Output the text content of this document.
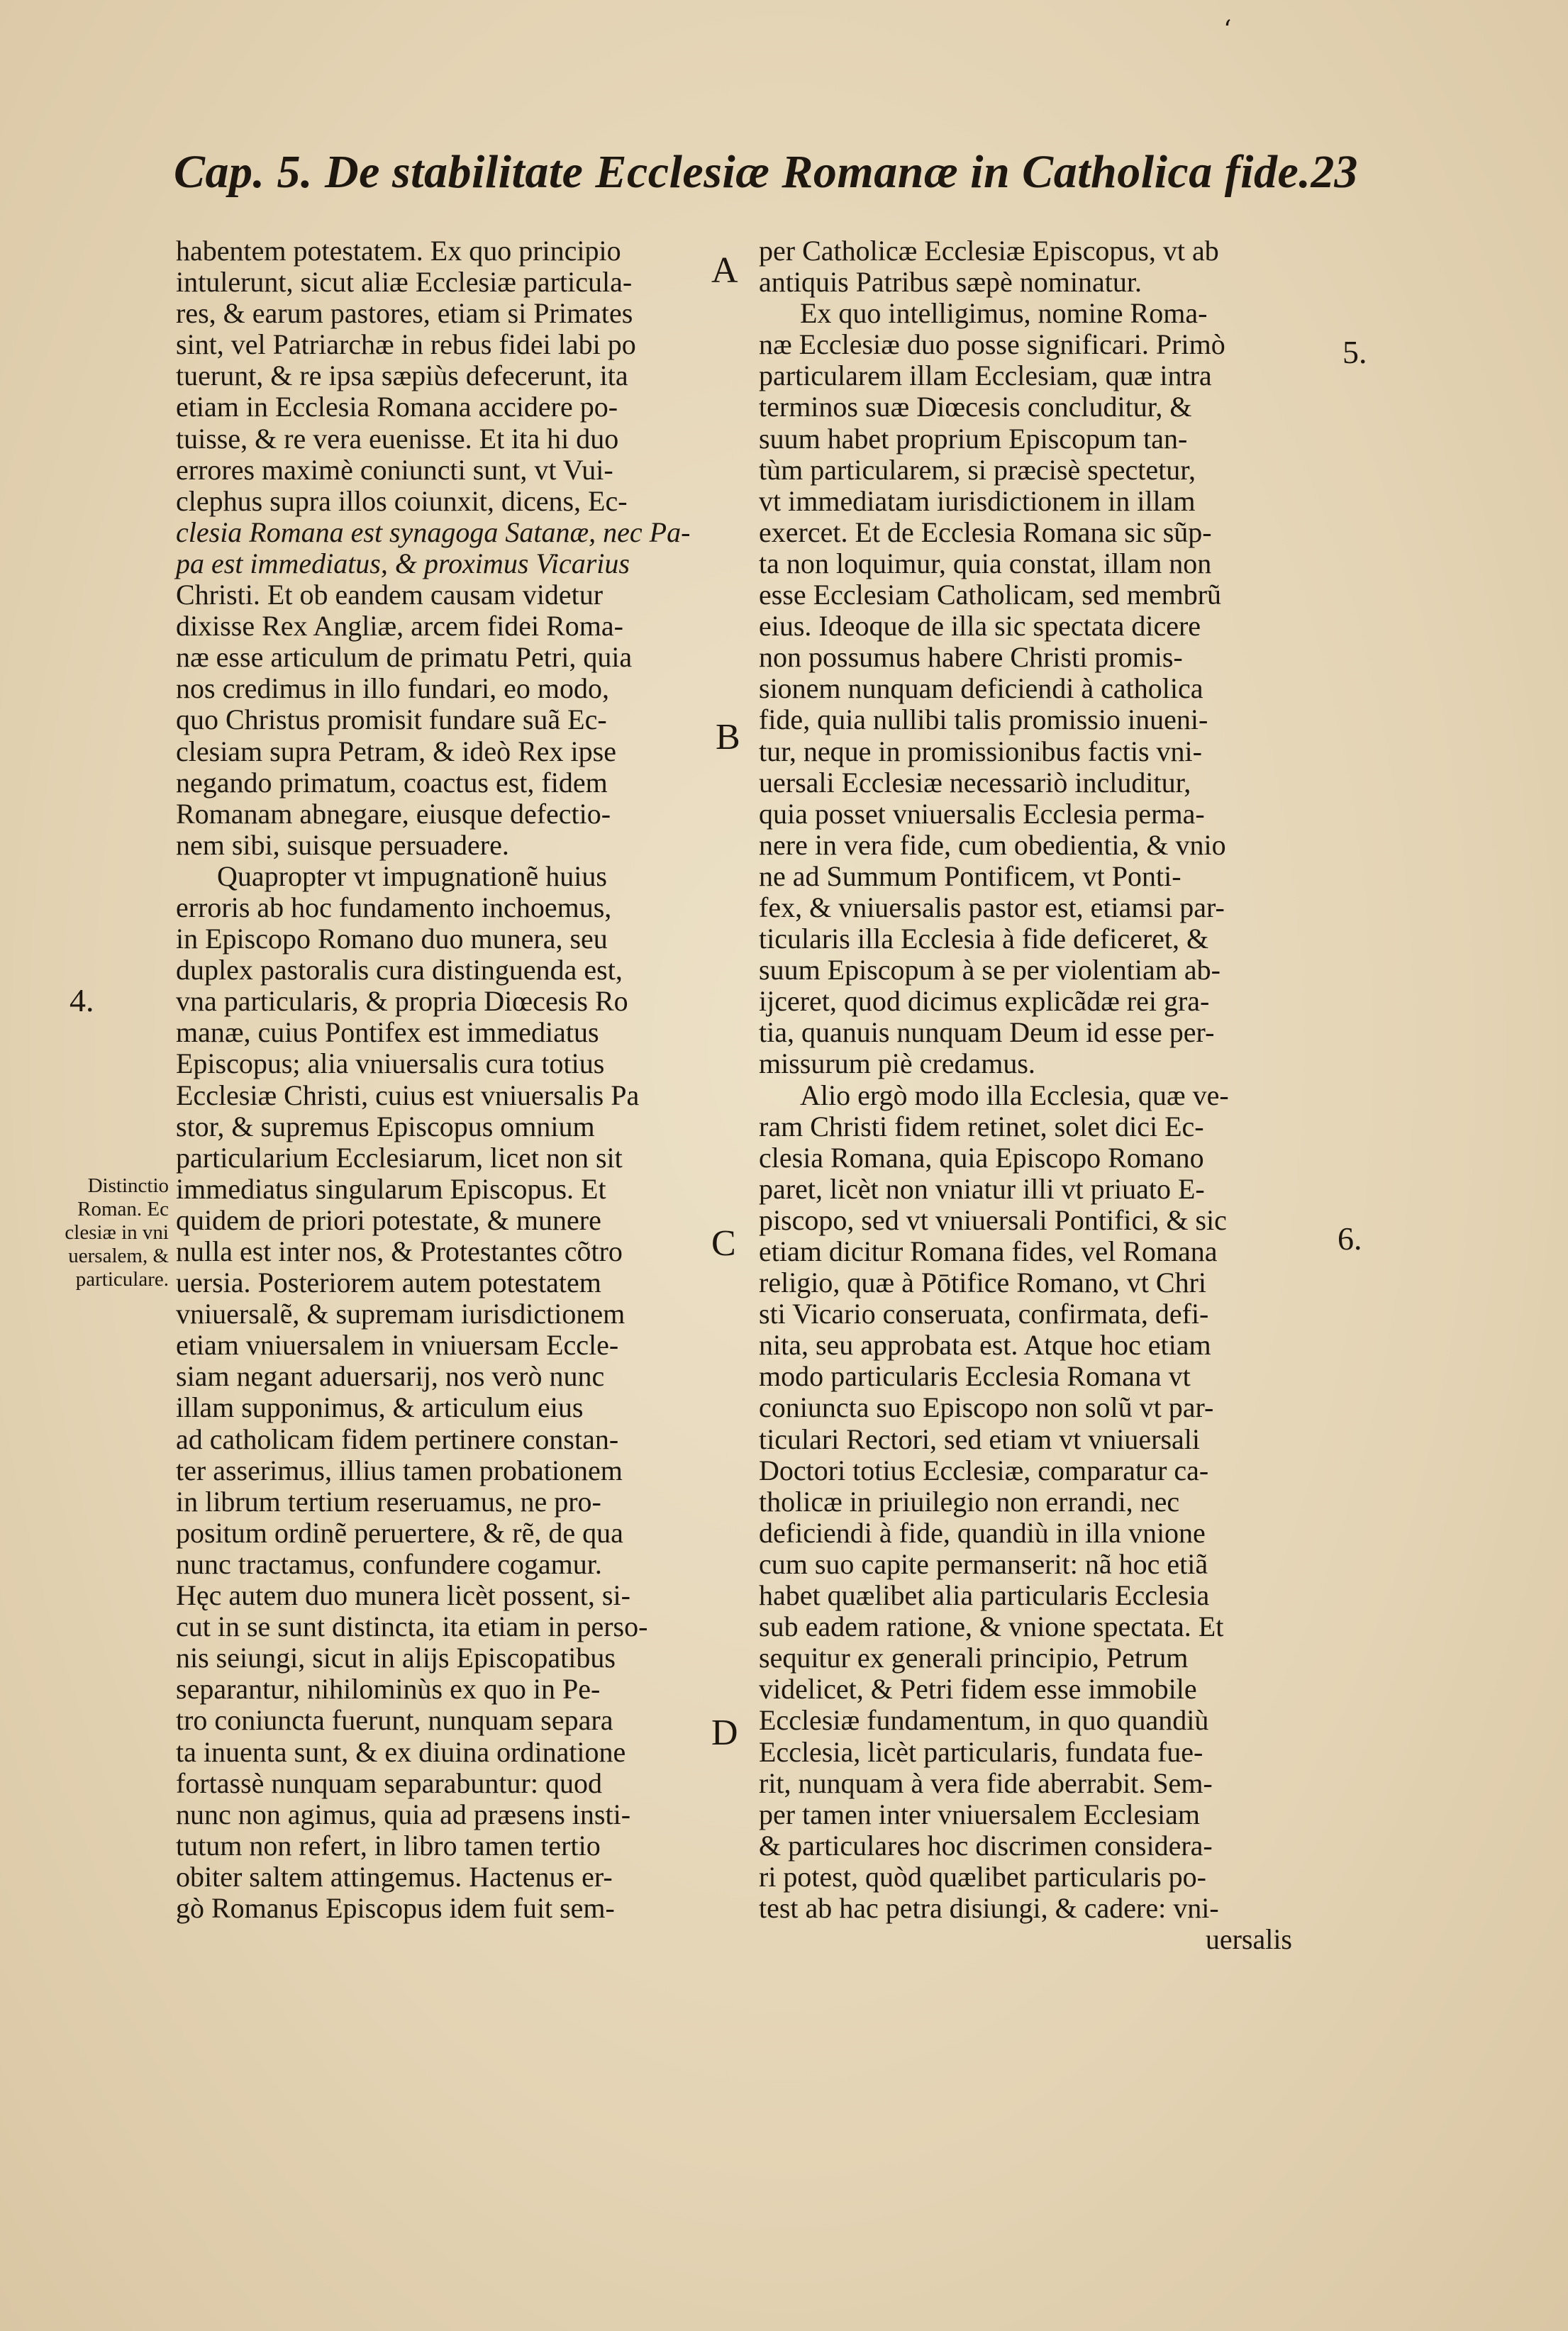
‘
Cap. 5. De stabilitate Ecclesiæ Romanæ in Catholica fide. 23
habentem potestatem. Ex quo principio
intulerunt, sicut aliæ Ecclesiæ particula-
res, & earum pastores, etiam si Primates
sint, vel Patriarchæ in rebus fidei labi po
tuerunt, & re ipsa sæpiùs defecerunt, ita
etiam in Ecclesia Romana accidere po-
tuisse, & re vera euenisse. Et ita hi duo
errores maximè coniuncti sunt, vt Vui-
clephus supra illos coiunxit, dicens, Ec-
clesia Romana est synagoga Satanæ, nec Pa-
pa est immediatus, & proximus Vicarius
Christi. Et ob eandem causam videtur
dixisse Rex Angliæ, arcem fidei Roma-
næ esse articulum de primatu Petri, quia
nos credimus in illo fundari, eo modo,
quo Christus promisit fundare suã Ec-
clesiam supra Petram, & ideò Rex ipse
negando primatum, coactus est, fidem
Romanam abnegare, eiusque defectio-
nem sibi, suisque persuadere.
Quapropter vt impugnationẽ huius
erroris ab hoc fundamento inchoemus,
in Episcopo Romano duo munera, seu
duplex pastoralis cura distinguenda est,
vna particularis, & propria Diœcesis Ro
manæ, cuius Pontifex est immediatus
Episcopus; alia vniuersalis cura totius
Ecclesiæ Christi, cuius est vniuersalis Pa
stor, & supremus Episcopus omnium
particularium Ecclesiarum, licet non sit
immediatus singularum Episcopus. Et
quidem de priori potestate, & munere
nulla est inter nos, & Protestantes cõtro
uersia. Posteriorem autem potestatem
vniuersalẽ, & supremam iurisdictionem
etiam vniuersalem in vniuersam Eccle-
siam negant aduersarij, nos verò nunc
illam supponimus, & articulum eius
ad catholicam fidem pertinere constan-
ter asserimus, illius tamen probationem
in librum tertium reseruamus, ne pro-
positum ordinẽ peruertere, & rẽ, de qua
nunc tractamus, confundere cogamur.
Hęc autem duo munera licèt possent, si-
cut in se sunt distincta, ita etiam in perso-
nis seiungi, sicut in alijs Episcopatibus
separantur, nihilominùs ex quo in Pe-
tro coniuncta fuerunt, nunquam separa
ta inuenta sunt, & ex diuina ordinatione
fortassè nunquam separabuntur: quod
nunc non agimus, quia ad præsens insti-
tutum non refert, in libro tamen tertio
obiter saltem attingemus. Hactenus er-
gò Romanus Episcopus idem fuit sem-
per Catholicæ Ecclesiæ Episcopus, vt ab
antiquis Patribus sæpè nominatur.
Ex quo intelligimus, nomine Roma-
næ Ecclesiæ duo posse significari. Primò
particularem illam Ecclesiam, quæ intra
terminos suæ Diœcesis concluditur, &
suum habet proprium Episcopum tan-
tùm particularem, si præcisè spectetur,
vt immediatam iurisdictionem in illam
exercet. Et de Ecclesia Romana sic sũp-
ta non loquimur, quia constat, illam non
esse Ecclesiam Catholicam, sed membrũ
eius. Ideoque de illa sic spectata dicere
non possumus habere Christi promis-
sionem nunquam deficiendi à catholica
fide, quia nullibi talis promissio inueni-
tur, neque in promissionibus factis vni-
uersali Ecclesiæ necessariò includitur,
quia posset vniuersalis Ecclesia perma-
nere in vera fide, cum obedientia, & vnio
ne ad Summum Pontificem, vt Ponti-
fex, & vniuersalis pastor est, etiamsi par-
ticularis illa Ecclesia à fide deficeret, &
suum Episcopum à se per violentiam ab-
ijceret, quod dicimus explicãdæ rei gra-
tia, quanuis nunquam Deum id esse per-
missurum piè credamus.
Alio ergò modo illa Ecclesia, quæ ve-
ram Christi fidem retinet, solet dici Ec-
clesia Romana, quia Episcopo Romano
paret, licèt non vniatur illi vt priuato E-
piscopo, sed vt vniuersali Pontifici, & sic
etiam dicitur Romana fides, vel Romana
religio, quæ à Pōtifice Romano, vt Chri
sti Vicario conseruata, confirmata, defi-
nita, seu approbata est. Atque hoc etiam
modo particularis Ecclesia Romana vt
coniuncta suo Episcopo non solũ vt par-
ticulari Rectori, sed etiam vt vniuersali
Doctori totius Ecclesiæ, comparatur ca-
tholicæ in priuilegio non errandi, nec
deficiendi à fide, quandiù in illa vnione
cum suo capite permanserit: nã hoc etiã
habet quælibet alia particularis Ecclesia
sub eadem ratione, & vnione spectata. Et
sequitur ex generali principio, Petrum
videlicet, & Petri fidem esse immobile
Ecclesiæ fundamentum, in quo quandiù
Ecclesia, licèt particularis, fundata fue-
rit, nunquam à vera fide aberrabit. Sem-
per tamen inter vniuersalem Ecclesiam
& particulares hoc discrimen considera-
ri potest, quòd quælibet particularis po-
test ab hac petra disiungi, & cadere: vni-
uersalis
A
B
C
D
4.
5.
6.
Distinctio
Roman. Ec
clesiæ in vni
uersalem, &
particulare.
